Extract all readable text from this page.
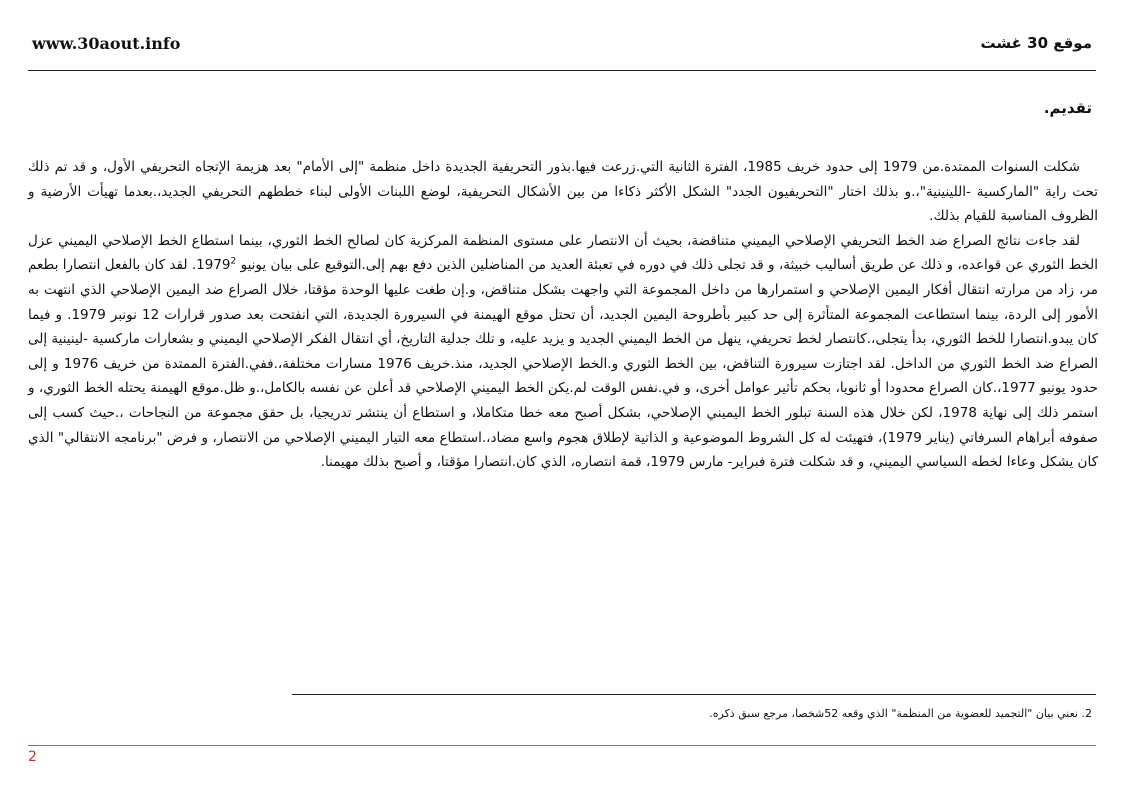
www.30aout.info	موقع 30 غشت
تقديم.

شكلت السنوات الممتدة.من 1979 إلى حدود خريف 1985، الفترة الثانية التي.زرعت فيها.بذور التحريفية الجديدة داخل منظمة "إلى الأمام" بعد هزيمة الإتجاه التحريفي الأول، و قد تم ذلك تحت راية "الماركسية -اللينينية"،.و بذلك اختار "التحريفيون الجدد" الشكل الأكثر ذكاءا من بين الأشكال التحريفية، لوضع اللبنات الأولى لبناء خططهم التحريفي الجديد،.بعدما تهيأت الأرضية و الظروف المناسبة للقيام بذلك.

لقد جاءت نتائج الصراع ضد الخط التحريفي الإصلاحي اليميني متناقضة، بحيث أن الانتصار على مستوى المنظمة المركزية كان لصالح الخط الثوري، بينما استطاع الخط الإصلاحي اليميني عزل الخط الثوري عن قواعده، و ذلك عن طريق أساليب خبيثة، و قد تجلى ذلك في دوره في تعبئة العديد من المناضلين الذين دفع بهم إلى.التوقيع على بيان يونيو 1979$^2$. لقد كان بالفعل انتصارا بطعم مر، زاد من مرارته انتقال أفكار اليمين الإصلاحي و استمرارها من داخل المجموعة التي واجهت بشكل متناقض، و.إن طغت عليها الوحدة مؤقتا، خلال الصراع ضد اليمين الإصلاحي الذي انتهت به الأمور إلى الردة، بينما استطاعت المجموعة المتأثرة إلى حد كبير بأطروحة اليمين الجديد، أن تحتل موقع الهيمنة في السيرورة الجديدة، التي انفتحت بعد صدور قرارات 12 نونبر 1979. و فيما كان يبدو.انتصارا للخط الثوري، بدأ يتجلى،.كانتصار لخط تحريفي، ينهل من الخط اليميني الجديد و يزيد عليه، و تلك جدلية التاريخ، أي انتقال الفكر الإصلاحي اليميني و بشعارات ماركسية -لينينية إلى الصراع ضد الخط الثوري من الداخل. لقد اجتازت سيرورة التناقض، بين الخط الثوري و.الخط الإصلاحي الجديد، منذ.خريف 1976 مسارات مختلفة،.ففي.الفترة الممتدة من خريف 1976 و إلى حدود يونيو 1977،.كان الصراع محدودا أو ثانويا، بحكم تأثير عوامل أخرى، و في.نفس الوقت لم.يكن الخط اليميني الإصلاحي قد أعلن عن نفسه بالكامل،.و ظل.موقع الهيمنة يحتله الخط الثوري، و استمر ذلك إلى نهاية 1978، لكن خلال هذه السنة تبلور الخط اليميني الإصلاحي، بشكل أصبح معه خطا متكاملا، و استطاع أن ينتشر تدريجيا، بل حقق مجموعة من النجاحات ،.حيث كسب إلى صفوفه أبراهام السرفاتي (يناير 1979)، فتهيئت له كل الشروط الموضوعية و الذاتية لإطلاق هجوم واسع مضاد،.استطاع معه التيار اليميني الإصلاحي من الانتصار، و فرض "برنامجه الانتقالي" الذي كان يشكل وعاءا لخطه السياسي اليميني، و قد شكلت فترة فبراير- مارس 1979، قمة انتصاره، الذي كان.انتصارا مؤقتا، و أصبح بذلك مهيمنا.

2. نعني بيان "التجميد للعضوية من المنظمة" الذي وقعه 52شخصا، مرجع سبق ذكره.
2
